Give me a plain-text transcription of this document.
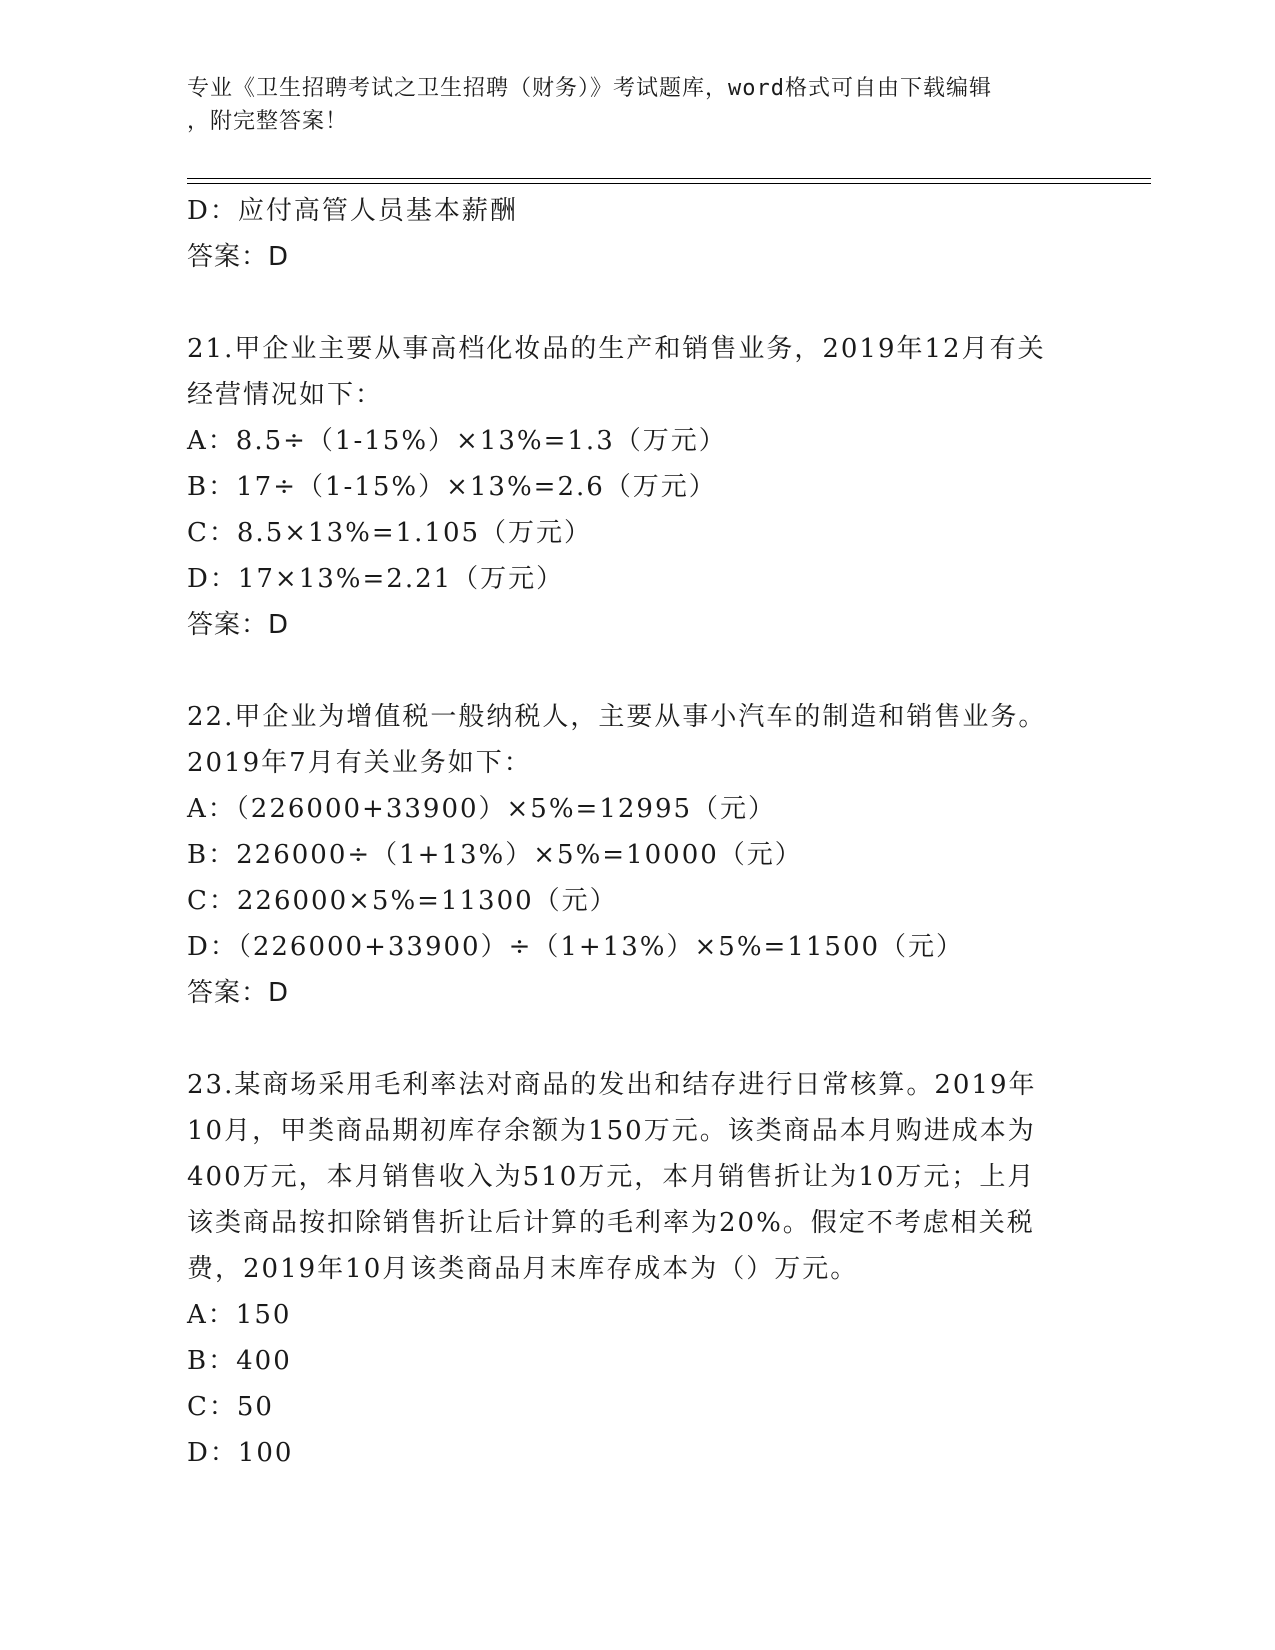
专业《卫生招聘考试之卫生招聘（财务）》考试题库，word格式可自由下载编辑
，附完整答案！
D：应付高管人员基本薪酬
答案：D
21.甲企业主要从事高档化妆品的生产和销售业务，2019年12月有关
经营情况如下：
A：8.5÷（1-15%）×13%=1.3（万元）
B：17÷（1-15%）×13%=2.6（万元）
C：8.5×13%=1.105（万元）
D：17×13%=2.21（万元）
答案：D
22.甲企业为增值税一般纳税人，主要从事小汽车的制造和销售业务。
2019年7月有关业务如下：
A：（226000+33900）×5%=12995（元）
B：226000÷（1+13%）×5%=10000（元）
C：226000×5%=11300（元）
D：（226000+33900）÷（1+13%）×5%=11500（元）
答案：D
23.某商场采用毛利率法对商品的发出和结存进行日常核算。2019年
10月，甲类商品期初库存余额为150万元。该类商品本月购进成本为
400万元，本月销售收入为510万元，本月销售折让为10万元；上月
该类商品按扣除销售折让后计算的毛利率为20%。假定不考虑相关税
费，2019年10月该类商品月末库存成本为（）万元。
A：150
B：400
C：50
D：100
